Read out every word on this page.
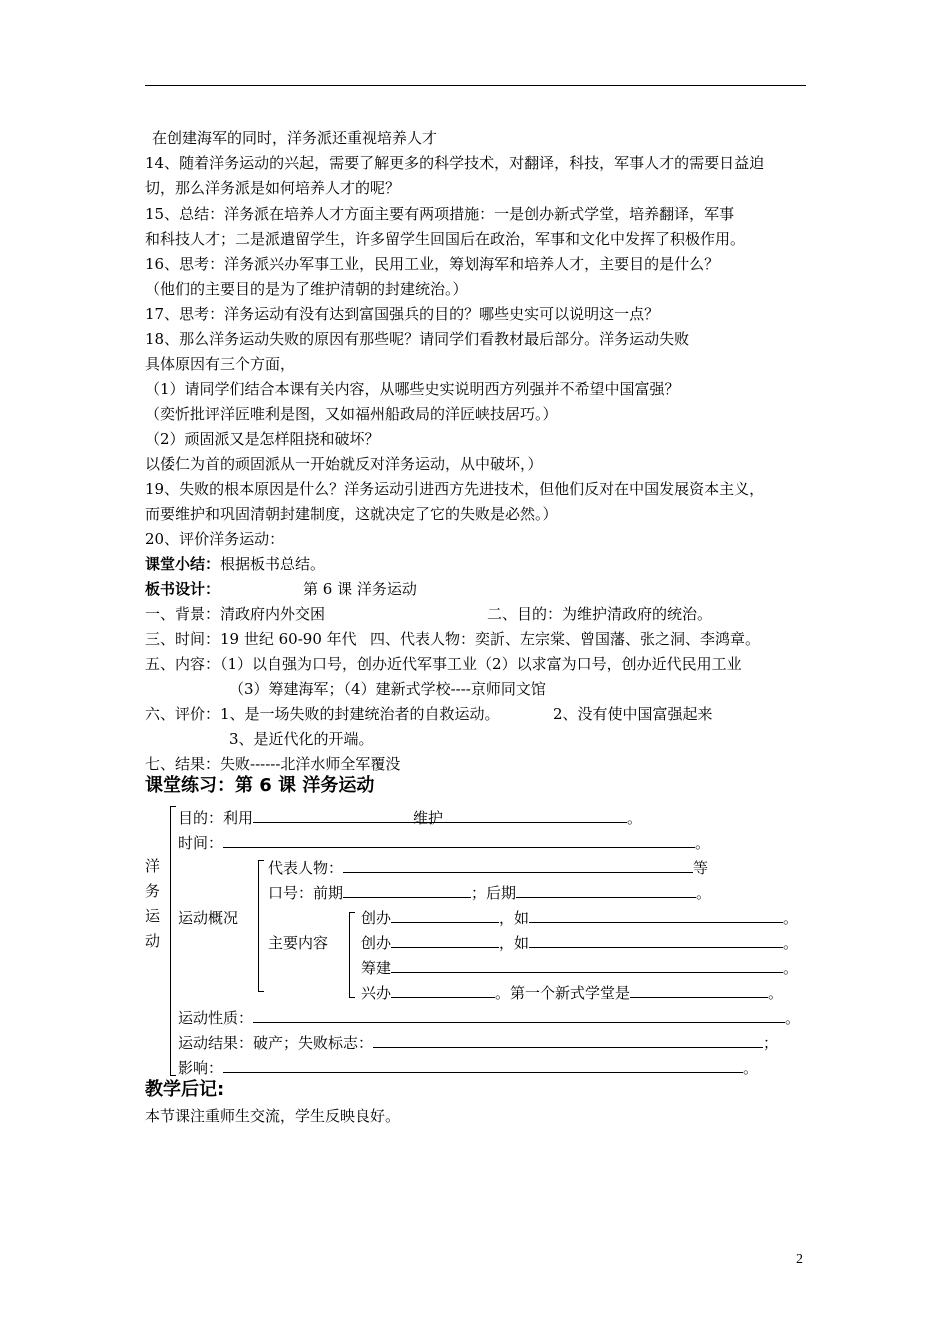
在创建海军的同时，洋务派还重视培养人才
14、随着洋务运动的兴起，需要了解更多的科学技术，对翻译，科技，军事人才的需要日益迫
切，那么洋务派是如何培养人才的呢？
15、总结：洋务派在培养人才方面主要有两项措施：一是创办新式学堂，培养翻译，军事
和科技人才；二是派遣留学生，许多留学生回国后在政治，军事和文化中发挥了积极作用。
16、思考：洋务派兴办军事工业，民用工业，筹划海军和培养人才，主要目的是什么？
（他们的主要目的是为了维护清朝的封建统治。）
17、思考：洋务运动有没有达到富国强兵的目的？哪些史实可以说明这一点？
18、那么洋务运动失败的原因有那些呢？请同学们看教材最后部分。洋务运动失败
具体原因有三个方面，
（1）请同学们结合本课有关内容，从哪些史实说明西方列强并不希望中国富强？
（奕忻批评洋匠唯利是图，又如福州船政局的洋匠峡技居巧。）
（2）顽固派又是怎样阻挠和破坏？
以倭仁为首的顽固派从一开始就反对洋务运动，从中破坏，）
19、失败的根本原因是什么？洋务运动引进西方先进技术，但他们反对在中国发展资本主义，
而要维护和巩固清朝封建制度，这就决定了它的失败是必然。）
20、评价洋务运动：
课堂小结：根据板书总结。
板书设计：	第 6 课 洋务运动
一、背景：清政府内外交困	二、目的：为维护清政府的统治。
三、时间：19 世纪 60-90 年代 四、代表人物：奕訢、左宗棠、曾国藩、张之洞、李鸿章。
五、内容：（1）以自强为口号，创办近代军事工业（2）以求富为口号，创办近代民用工业
（3）筹建海军；（4）建新式学校----京师同文馆
六、评价：1、是一场失败的封建统治者的自救运动。	2、没有使中国富强起来
3、是近代化的开端。
七、结果：失败------北洋水师全军覆没
课堂练习：第 6 课 洋务运动
洋
务
运
动
目的：利用	维护	。
时间：	。
代表人物：	等
口号：前期	；后期	。
运动概况
主要内容
创办	，如	。
创办	，如	。
筹建	。
兴办	。第一个新式学堂是	。
运动性质：	。
运动结果：破产；失败标志：	；
影响：	。
教学后记:
本节课注重师生交流，学生反映良好。
2
